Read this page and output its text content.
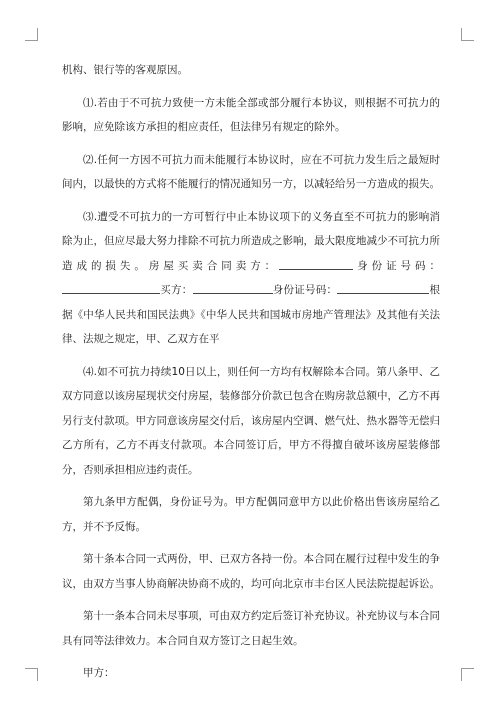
机构、银行等的客观原因。

⑴.若由于不可抗力致使一方未能全部或部分履行本协议，则根据不可抗力的影响，应免除该方承担的相应责任，但法律另有规定的除外。

⑵.任何一方因不可抗力而未能履行本协议时，应在不可抗力发生后之最短时间内，以最快的方式将不能履行的情况通知另一方，以减轻给另一方造成的损失。

⑶.遭受不可抗力的一方可暂行中止本协议项下的义务直至不可抗力的影响消除为止，但应尽最大努力排除不可抗力所造成之影响，最大限度地减少不可抗力所造成的损失。房屋买卖合同卖方：	身份证号码：买方：	身份证号码：	根据《中华人民共和国民法典》《中华人民共和国城市房地产管理法》及其他有关法律、法规之规定，甲、乙双方在平

⑷.如不可抗力持续10日以上，则任何一方均有权解除本合同。第八条甲、乙双方同意以该房屋现状交付房屋，装修部分价款已包含在购房款总额中，乙方不再另行支付款项。甲方同意该房屋交付后，该房屋内空调、燃气灶、热水器等无偿归乙方所有，乙方不再支付款项。本合同签订后，甲方不得擅自破坏该房屋装修部分，否则承担相应违约责任。

第九条甲方配偶，身份证号为。甲方配偶同意甲方以此价格出售该房屋给乙方，并不予反悔。

第十条本合同一式两份，甲、已双方各持一份。本合同在履行过程中发生的争议，由双方当事人协商解决协商不成的，均可向北京市丰台区人民法院提起诉讼。

第十一条本合同未尽事项，可由双方约定后签订补充协议。补充协议与本合同具有同等法律效力。本合同自双方签订之日起生效。

甲方：
